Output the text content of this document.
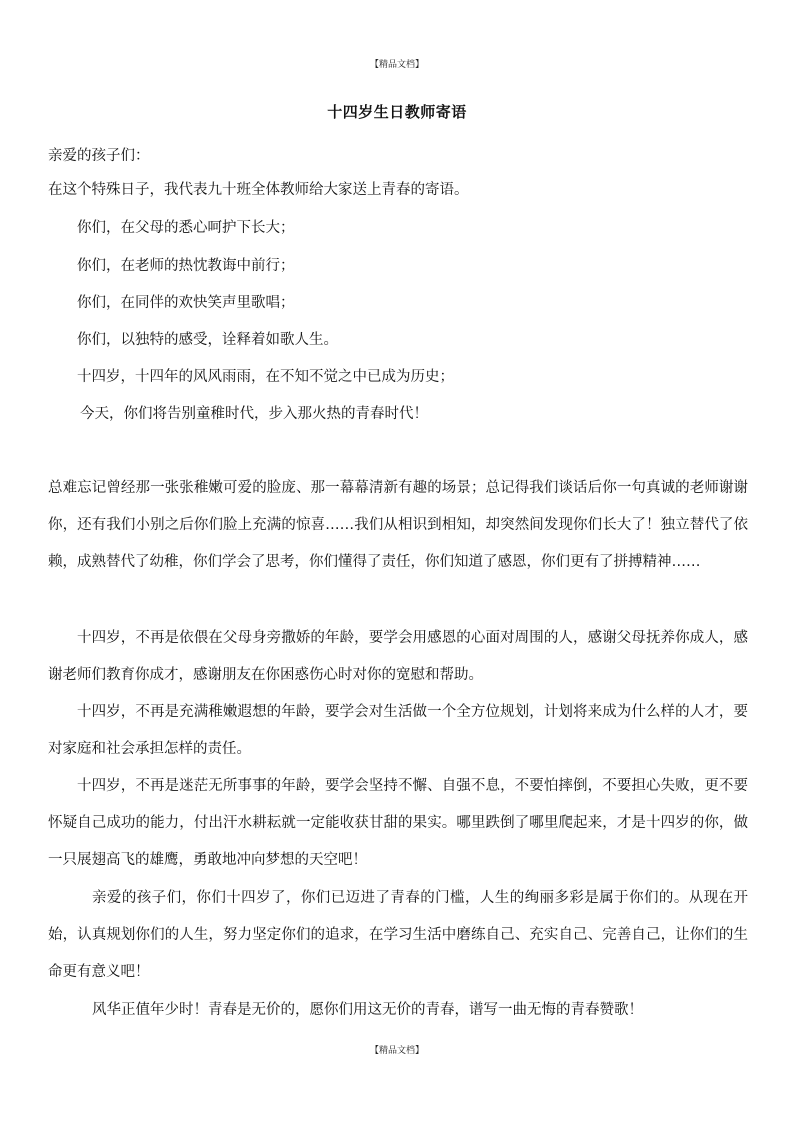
【精品文档】
十四岁生日教师寄语
亲爱的孩子们：
在这个特殊日子，我代表九十班全体教师给大家送上青春的寄语。
你们，在父母的悉心呵护下长大；
你们，在老师的热忱教诲中前行；
你们，在同伴的欢快笑声里歌唱；
你们，以独特的感受，诠释着如歌人生。
十四岁，十四年的风风雨雨，在不知不觉之中已成为历史；
今天，你们将告别童稚时代，步入那火热的青春时代！
总难忘记曾经那一张张稚嫩可爱的脸庞、那一幕幕清新有趣的场景；总记得我们谈话后你一句真诚的老师谢谢你，还有我们小别之后你们脸上充满的惊喜……我们从相识到相知，却突然间发现你们长大了！独立替代了依赖，成熟替代了幼稚，你们学会了思考，你们懂得了责任，你们知道了感恩，你们更有了拼搏精神……
十四岁，不再是依偎在父母身旁撒娇的年龄，要学会用感恩的心面对周围的人，感谢父母抚养你成人，感谢老师们教育你成才，感谢朋友在你困惑伤心时对你的宽慰和帮助。
十四岁，不再是充满稚嫩遐想的年龄，要学会对生活做一个全方位规划，计划将来成为什么样的人才，要对家庭和社会承担怎样的责任。
十四岁，不再是迷茫无所事事的年龄，要学会坚持不懈、自强不息，不要怕摔倒，不要担心失败，更不要怀疑自己成功的能力，付出汗水耕耘就一定能收获甘甜的果实。哪里跌倒了哪里爬起来，才是十四岁的你，做一只展翅高飞的雄鹰，勇敢地冲向梦想的天空吧！
亲爱的孩子们，你们十四岁了，你们已迈进了青春的门槛，人生的绚丽多彩是属于你们的。从现在开始，认真规划你们的人生，努力坚定你们的追求，在学习生活中磨练自己、充实自己、完善自己，让你们的生命更有意义吧！
风华正值年少时！青春是无价的，愿你们用这无价的青春，谱写一曲无悔的青春赞歌！
【精品文档】
